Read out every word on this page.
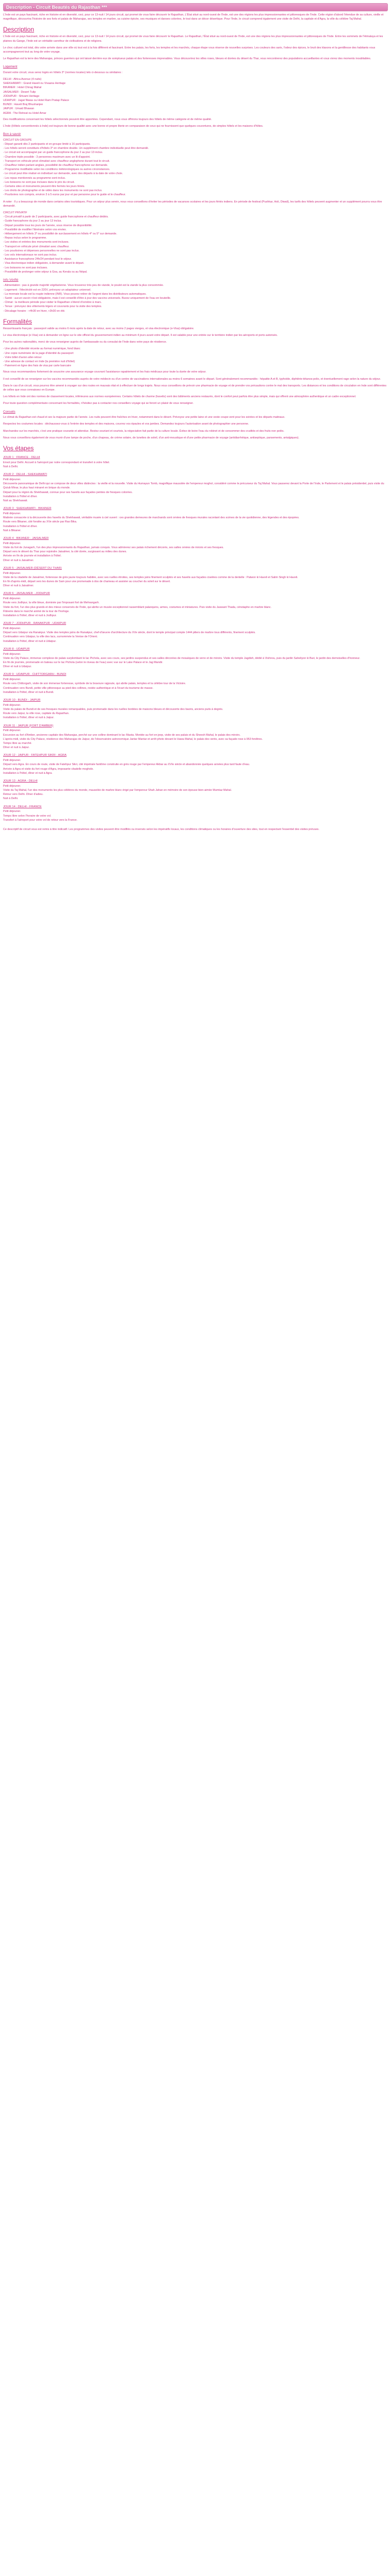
Description - Circuit Beautés du Rajasthan ***

L'Inde est un pays fascinant, riche en histoire et en diversité, ceci, pour ce 13-nuit / 14 jours circuit, qui promet de vous faire découvrir le Rajasthan, L'État situé au nord-ouest de l'Inde, est une des régions les plus impressionnantes et pittoresques de l'Inde. Cette région d'abord l'étendue de sa culture, vieille et magnifique, découvrira l'histoire de ses forts et palais de Maharajas, ses temples en marbre, sa cuisine épicée, ses musiques et danses colorées, le tout dans un décor désertique. Pour l'Inde, le circuit comprend également une visite de Delhi, la capitale et d'Agra, la ville du célèbre Taj Mahal.

Description

L'Inde est un pays fascinant, riche en histoire et en diversité, ceci, pour ce 13-nuit / 14 jours circuit, qui promet de vous faire découvrir le Rajasthan. Le Rajasthan, l'État situé au nord-ouest de l'Inde, est une des régions les plus impressionnantes et pittoresques de l'Inde. Entre les sommets de l'Himalaya et les plaines du Gange, l'Inde est un véritable carrefour de civilisations et de religions.

Le choc culturel est total, dès votre arrivée dans une ville où tout est à la fois différent et fascinant. Entre les palais, les forts, les temples et les marchés, chaque étape vous réserve de nouvelles surprises. Les couleurs des saris, l'odeur des épices, le bruit des klaxons et la gentillesse des habitants vous accompagneront tout au long de votre voyage.

Le Rajasthan est la terre des Maharajas, princes guerriers qui ont laissé derrière eux de somptueux palais et des forteresses imprenables. Vous découvrirez les villes roses, bleues et dorées du désert du Thar, vous rencontrerez des populations accueillantes et vous vivrez des moments inoubliables.

Logement

Durant votre circuit, vous serez logés en hôtels 3* (normes locales) tels ci-dessous ou similaires :

DELHI : Africa Avenue (4 nuits)
SHEKHAWATI : Grand Haveli ou Vivaana Heritage
BIKANER : Hotel Chirag Mahal
JAISALMER : Desert Tulip
JODHPUR : Shivam Heritage
UDAIPUR : Jagat Niwas ou Hotel Ram Pratap Palace
BUNDI : Haveli Braj Bhushanjee
JAIPUR : Umaid Bhawan
AGRA : The Retreat ou Hotel Amar

Des modifications concernant les hôtels sélectionnés peuvent être apportées. Cependant, nous vous offrirons toujours des hôtels de même catégorie et de même qualité.

L'Inde (Hôtels conventionnés à Inde) est toujours de bonne qualité avec une bonne et propre literie en comparaison de ceux qui ne fournissent que quelques couvertures, de simples hôtels et les maisons d'hôtes.

Bon à savoir

CIRCUIT EN GROUPE
- Départ garanti dès 2 participants et en groupe limité à 16 participants.
- Les hôtels seront constitués d'hôtels 3* en chambre double. Un supplément chambre individuelle peut être demandé.
- Le circuit est accompagné par un guide francophone du jour 2 au jour 13 inclus.
- Chambre triple possible : 3 personnes maximum avec un lit d'appoint.
- Transport en véhicule privé climatisé avec chauffeur anglophone durant tout le circuit.
- Chauffeur indien parlant anglais, possibilité de chauffeur francophone sur demande.
- Programme modifiable selon les conditions météorologiques ou autres circonstances.
- Le circuit peut être réalisé en individuel sur demande, avec des départs à la date de votre choix.
- Les repas mentionnés au programme sont inclus.
- Les boissons ne sont pas incluses dans le prix du circuit.
- Certains sites et monuments peuvent être fermés les jours fériés.
- Les droits de photographie et de vidéo dans les monuments ne sont pas inclus.
- Pourboires non compris, environ 3 à 5 euros par jour et par personne pour le guide et le chauffeur.

A noter : Il y a beaucoup de monde dans certains sites touristiques. Pour un séjour plus serein, nous vous conseillons d'éviter les périodes de vacances scolaires et les jours fériés indiens. En période de festival (Pushkar, Holi, Diwali), les tarifs des hôtels peuvent augmenter et un supplément pourra vous être demandé.

CIRCUIT PRIVATIF
- Circuit privatif à partir de 2 participants, avec guide francophone et chauffeur dédiés.
- Guide francophone du jour 2 au jour 13 inclus.
- Départ possible tous les jours de l'année, sous réserve de disponibilité.
- Possibilité de modifier l'itinéraire selon vos envies.
- Hébergement en hôtels 3* ou possibilité de surclassement en hôtels 4* ou 5* sur demande.
- Repas inclus selon le programme.
- Les visites et entrées des monuments sont incluses.
- Transport en véhicule privé climatisé avec chauffeur.
- Les pourboires et dépenses personnelles ne sont pas inclus.
- Les vols internationaux ne sont pas inclus.
- Assistance francophone 24h/24 pendant tout le séjour.
- Visa électronique indien obligatoire, à demander avant le départ.
- Les boissons ne sont pas incluses.
- Possibilité de prolonger votre séjour à Goa, au Kerala ou au Népal.

Info Vérifié

- Alimentation : pas à grande majorité végétarienne. Vous trouverez très peu de viande, le poulet est la viande la plus consommée.
- Logement : l'électricité est en 220V, prévoyez un adaptateur universel.
- La monnaie locale est la roupie indienne (INR). Vous pouvez retirer de l'argent dans les distributeurs automatiques.
- Santé : aucun vaccin n'est obligatoire, mais il est conseillé d'être à jour des vaccins universels. Buvez uniquement de l'eau en bouteille.
- Climat : la meilleure période pour visiter le Rajasthan s'étend d'octobre à mars.
- Tenue : prévoyez des vêtements légers et couvrants pour la visite des temples.
- Décalage horaire : +4h30 en hiver, +3h30 en été.

Formalités

Ressortissants français : passeport valide au moins 6 mois après la date de retour, avec au moins 2 pages vierges, et visa électronique (e-Visa) obligatoire.

Le visa électronique (e-Visa) est à demander en ligne sur le site officiel du gouvernement indien au minimum 4 jours avant votre départ. Il est valable pour une entrée sur le territoire indien par les aéroports et ports autorisés.

Pour les autres nationalités, merci de vous renseigner auprès de l'ambassade ou du consulat de l'Inde dans votre pays de résidence.

- Une photo d'identité récente au format numérique, fond blanc
- Une copie numérisée de la page d'identité du passeport
- Votre billet d'avion aller-retour
- Une adresse de contact en Inde (la première nuit d'hôtel)
- Paiement en ligne des frais de visa par carte bancaire

Nous vous recommandons fortement de souscrire une assurance voyage couvrant l'assistance rapatriement et les frais médicaux pour toute la durée de votre séjour.

Il est conseillé de se renseigner sur les vaccins recommandés auprès de votre médecin ou d'un centre de vaccinations internationales au moins 6 semaines avant le départ. Sont généralement recommandés : hépatite A et B, typhoïde, diphtérie-tétanos-polio, et éventuellement rage selon la nature du séjour.

Dans le cas d'un circuit, vous pourrez être amené à voyager sur des routes en mauvais état et à effectuer de longs trajets. Nous vous conseillons de prévoir une pharmacie de voyage et de prendre vos précautions contre le mal des transports. Les distances et les conditions de circulation en Inde sont différentes de celles que vous connaissez en Europe.

Les hôtels en Inde ont des normes de classement locales, inférieures aux normes européennes. Certains hôtels de charme (havelis) sont des bâtiments anciens restaurés, dont le confort peut parfois être plus simple, mais qui offrent une atmosphère authentique et un cadre exceptionnel.

Pour toute question complémentaire concernant les formalités, n'hésitez pas à contacter nos conseillers voyage qui se feront un plaisir de vous renseigner.

Conseils

Le climat du Rajasthan est chaud et sec la majeure partie de l'année. Les nuits peuvent être fraîches en hiver, notamment dans le désert. Prévoyez une petite laine et une veste coupe-vent pour les soirées et les départs matinaux.

Respectez les coutumes locales : déchaussez-vous à l'entrée des temples et des maisons, couvrez vos épaules et vos jambes. Demandez toujours l'autorisation avant de photographier une personne.

Marchandez sur les marchés, c'est une pratique courante et attendue. Restez souriant et courtois, la négociation fait partie de la culture locale. Évitez de boire l'eau du robinet et de consommer des crudités et des fruits non pelés.

Nous vous conseillons également de vous munir d'une lampe de poche, d'un chapeau, de crème solaire, de lunettes de soleil, d'un anti-moustique et d'une petite pharmacie de voyage (antidiarrhéique, antiseptique, pansements, antalgiques).

Vos étapes
JOUR 1 : FRANCE - DELHI
Envol pour Delhi. Accueil à l'aéroport par notre correspondant et transfert à votre hôtel.
Nuit à Delhi.
JOUR 2 : DELHI - SHEKHAWATI
Petit déjeuner.
Découverte panoramique de Delhi qui se compose de deux villes distinctes : la vieille et la nouvelle. Visite du Humayun Tomb, magnifique mausolée de l'empereur moghol, considéré comme le précurseur du Taj Mahal. Vous passerez devant la Porte de l'Inde, le Parlement et le palais présidentiel, puis visite du Qutub Minar, le plus haut minaret en brique du monde.
Départ pour la région du Shekhawati, connue pour ses havelis aux façades peintes de fresques colorées.
Installation à l'hôtel et dîner.
Nuit au Shekhawati.
JOUR 3 : SHEKHAWATI - BIKANER
Petit déjeuner.
Matinée consacrée à la découverte des havelis du Shekhawati, véritable musée à ciel ouvert : ces grandes demeures de marchands sont ornées de fresques murales racontant des scènes de la vie quotidienne, des légendes et des épopées.
Route vers Bikaner, cité fondée au XVe siècle par Rao Bika.
Installation à l'hôtel et dîner.
Nuit à Bikaner.
JOUR 4 : BIKANER - JAISALMER
Petit déjeuner.
Visite du fort de Junagarh, l'un des plus impressionnants du Rajasthan, jamais conquis. Vous admirerez ses palais richement décorés, ses salles ornées de miroirs et ses fresques.
Départ vers le désert du Thar pour rejoindre Jaisalmer, la cité dorée, surgissant au milieu des dunes.
Arrivée en fin de journée et installation à l'hôtel.
Dîner et nuit à Jaisalmer.
JOUR 5 : JAISALMER (DÉSERT DU THAR)
Petit déjeuner.
Visite de la citadelle de Jaisalmer, forteresse de grès jaune toujours habitée, avec ses ruelles étroites, ses temples jaïns finement sculptés et ses havelis aux façades ciselées comme de la dentelle : Patwon ki Haveli et Salim Singh ki Haveli.
En fin d'après-midi, départ vers les dunes de Sam pour une promenade à dos de chameau et assister au coucher du soleil sur le désert.
Dîner et nuit à Jaisalmer.
JOUR 6 : JAISALMER - JODHPUR
Petit déjeuner.
Route vers Jodhpur, la ville bleue, dominée par l'imposant fort de Mehrangarh.
Visite du fort, l'un des plus grands et des mieux conservés de l'Inde, qui abrite un musée exceptionnel rassemblant palanquins, armes, costumes et miniatures. Puis visite du Jaswant Thada, cénotaphe en marbre blanc.
Flânerie dans le marché animé de la tour de l'horloge.
Installation à l'hôtel, dîner et nuit à Jodhpur.
JOUR 7 : JODHPUR - RANAKPUR - UDAIPUR
Petit déjeuner.
Départ vers Udaipur via Ranakpur. Visite des temples jaïns de Ranakpur, chef-d'œuvre d'architecture du XVe siècle, dont le temple principal compte 1444 piliers de marbre tous différents, finement sculptés.
Continuation vers Udaipur, la ville des lacs, surnommée la Venise de l'Orient.
Installation à l'hôtel, dîner et nuit à Udaipur.
JOUR 8 : UDAIPUR
Petit déjeuner.
Visite du City Palace, immense complexe de palais surplombant le lac Pichola, avec ses cours, ses jardins suspendus et ses salles décorées de mosaïques de verre et de miroirs. Visite du temple Jagdish, dédié à Vishnou, puis du jardin Saheliyon ki Bari, le jardin des demoiselles d'honneur.
En fin de journée, promenade en bateau sur le lac Pichola (selon le niveau de l'eau) avec vue sur le Lake Palace et le Jag Mandir.
Dîner et nuit à Udaipur.
JOUR 9 : UDAIPUR - CHITTORGARH - BUNDI
Petit déjeuner.
Route vers Chittorgarh, visite de son immense forteresse, symbole de la bravoure rajpoute, qui abrite palais, temples et la célèbre tour de la Victoire.
Continuation vers Bundi, petite ville pittoresque au pied des collines, restée authentique et à l'écart du tourisme de masse.
Installation à l'hôtel, dîner et nuit à Bundi.
JOUR 10 : BUNDI - JAIPUR
Petit déjeuner.
Visite du palais de Bundi et de ses fresques murales remarquables, puis promenade dans les ruelles bordées de maisons bleues et découverte des baoris, anciens puits à degrés.
Route vers Jaipur, la ville rose, capitale du Rajasthan.
Installation à l'hôtel, dîner et nuit à Jaipur.
JOUR 11 : JAIPUR (FORT D'AMBER)
Petit déjeuner.
Excursion au fort d'Amber, ancienne capitale des Maharajas, perché sur une colline dominant le lac Maota. Montée au fort en jeep, visite de ses palais et du Sheesh Mahal, le palais des miroirs.
L'après-midi, visite du City Palace, résidence des Maharajas de Jaipur, de l'observatoire astronomique Jantar Mantar et arrêt photo devant le Hawa Mahal, le palais des vents, avec sa façade rose à 953 fenêtres.
Temps libre au marché.
Dîner et nuit à Jaipur.
JOUR 12 : JAIPUR - FATEHPUR SIKRI - AGRA
Petit déjeuner.
Départ vers Agra. En cours de route, visite de Fatehpur Sikri, cité impériale fantôme construite en grès rouge par l'empereur Akbar au XVIe siècle et abandonnée quelques années plus tard faute d'eau.
Arrivée à Agra et visite du fort rouge d'Agra, imposante citadelle moghole.
Installation à l'hôtel, dîner et nuit à Agra.
JOUR 13 : AGRA - DELHI
Petit déjeuner.
Visite du Taj Mahal, l'un des monuments les plus célèbres du monde, mausolée de marbre blanc érigé par l'empereur Shah Jahan en mémoire de son épouse bien-aimée Mumtaz Mahal.
Retour vers Delhi. Dîner d'adieu.
Nuit à Delhi.
JOUR 14 : DELHI - FRANCE
Petit déjeuner.
Temps libre selon l'horaire de votre vol.
Transfert à l'aéroport pour votre vol de retour vers la France.

Ce descriptif de circuit vous est remis à titre indicatif. Les programmes des visites peuvent être modifiés ou inversés selon les impératifs locaux, les conditions climatiques ou les horaires d'ouverture des sites, tout en respectant l'essentiel des visites prévues.
